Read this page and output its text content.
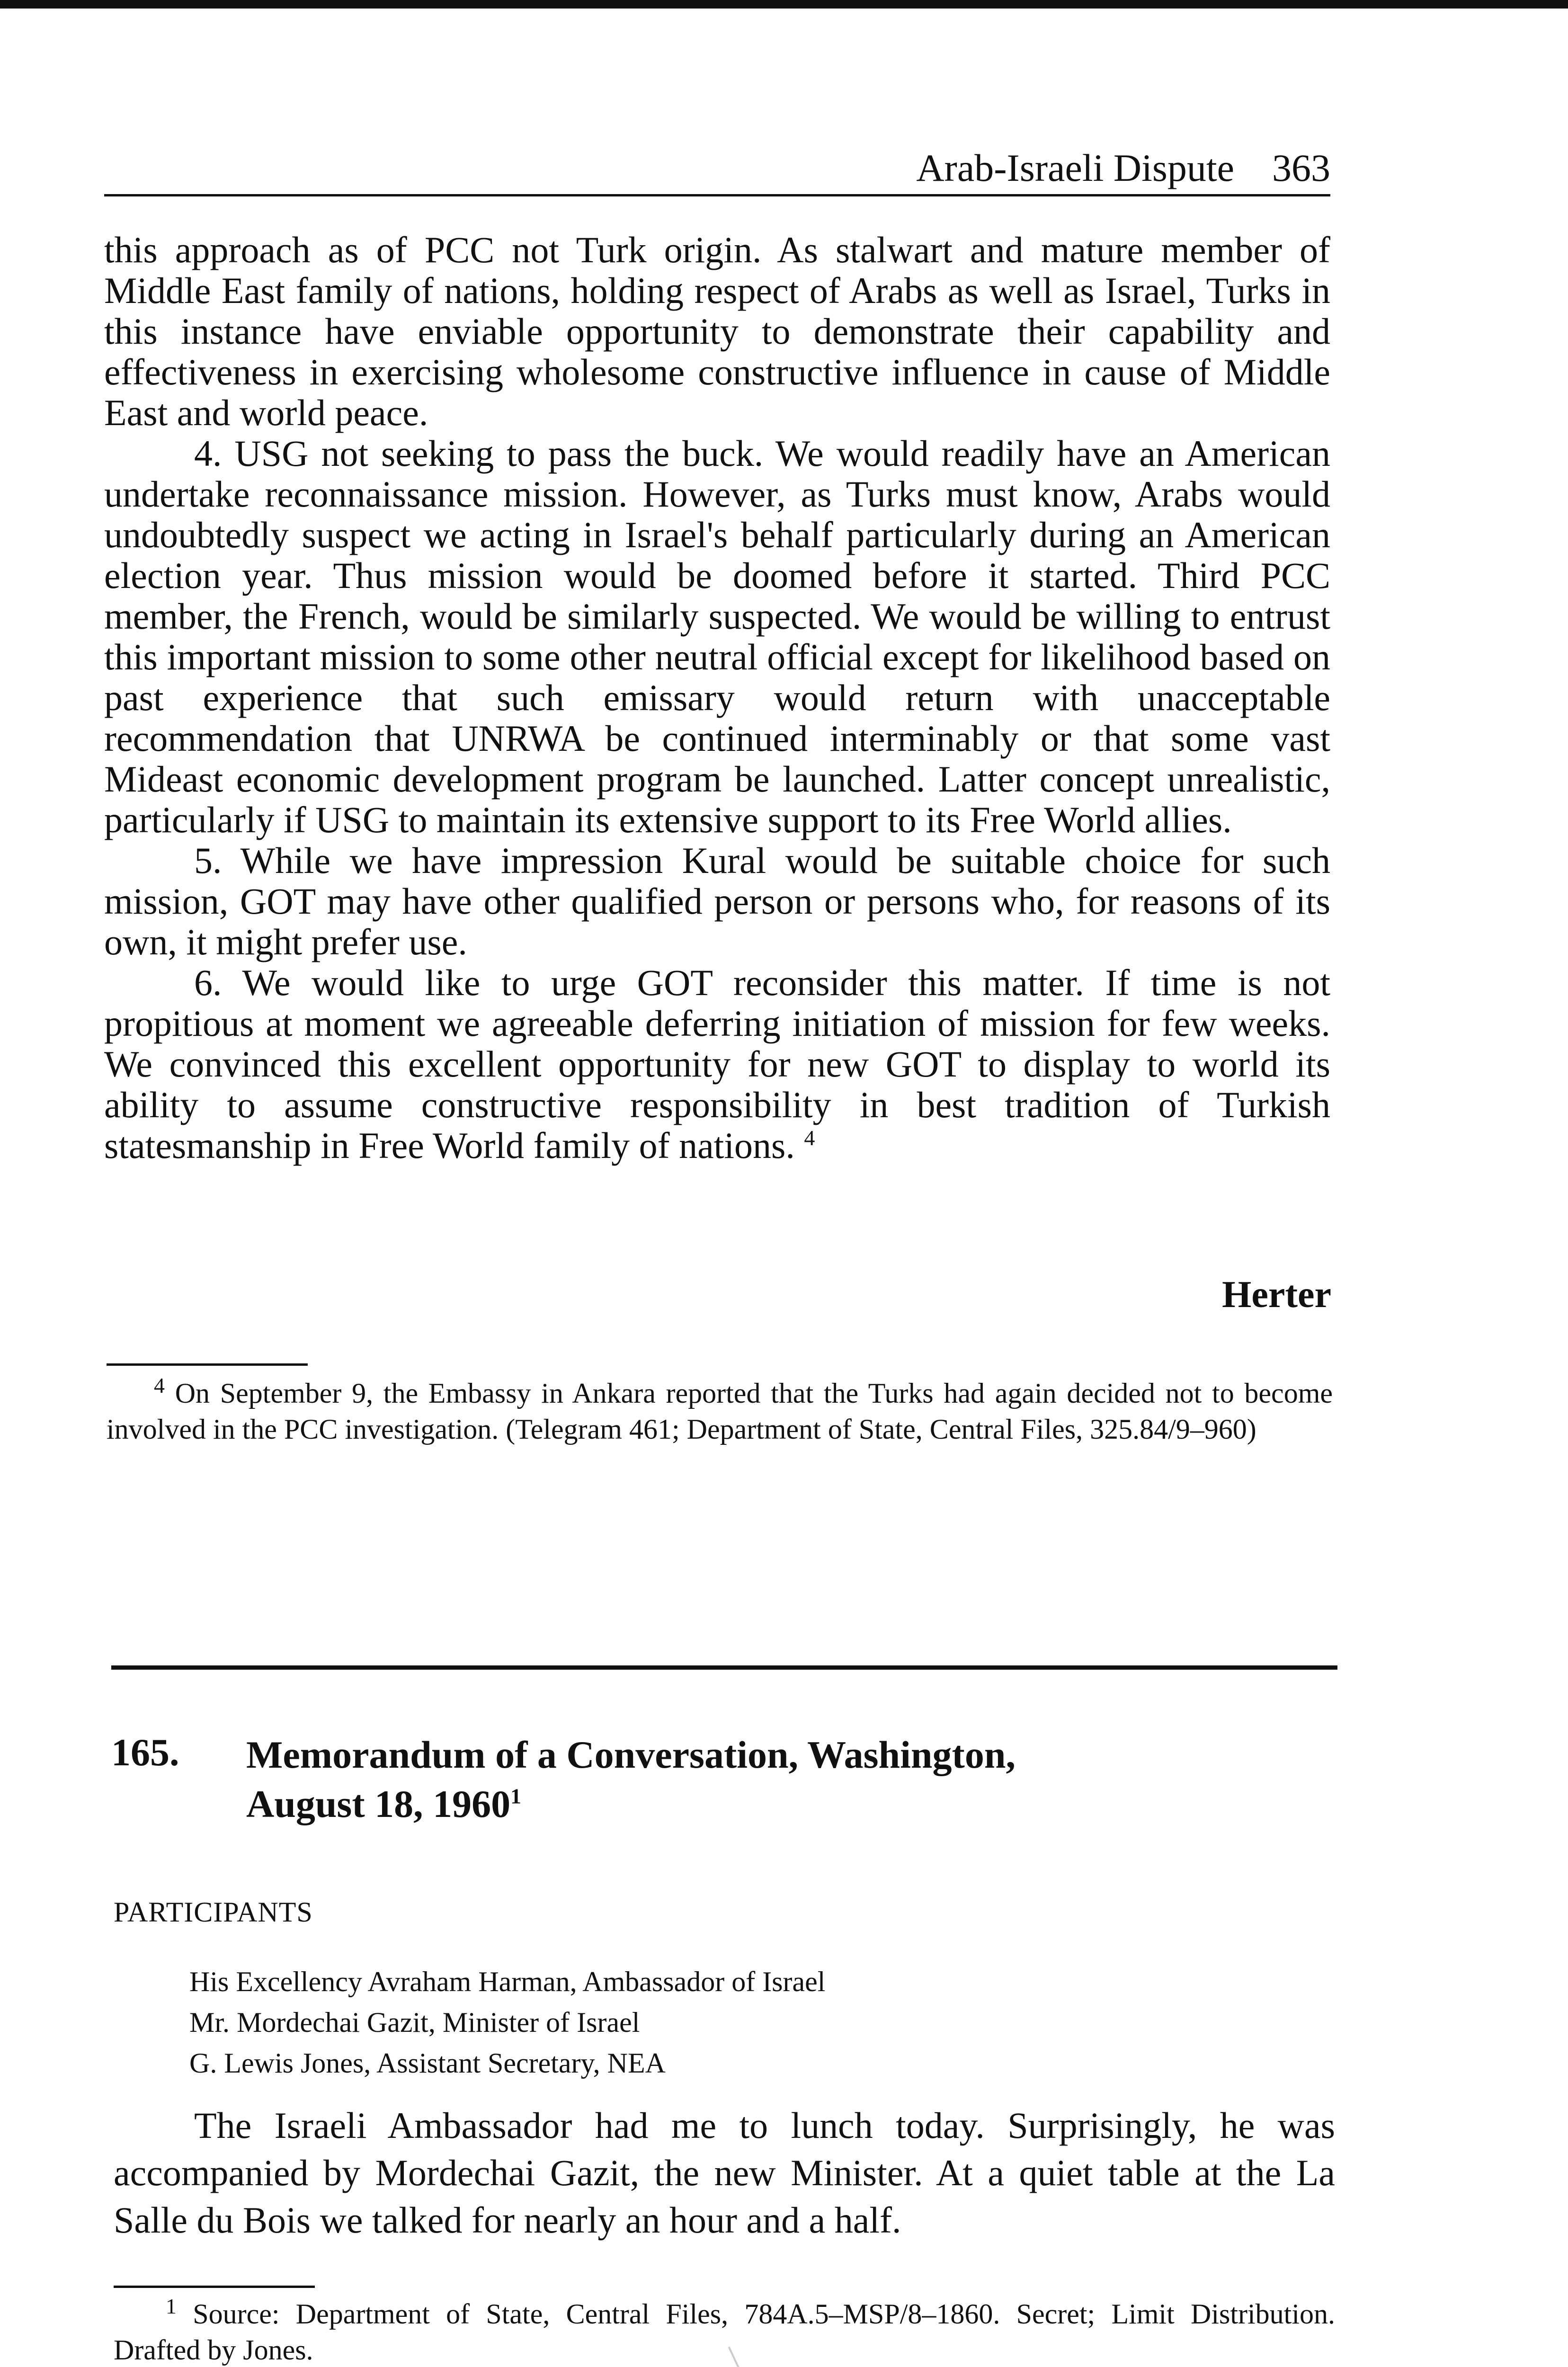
Arab-Israeli Dispute 363

this approach as of PCC not Turk origin. As stalwart and mature member of Middle East family of nations, holding respect of Arabs as well as Israel, Turks in this instance have enviable opportunity to demonstrate their capability and effectiveness in exercising wholesome constructive influence in cause of Middle East and world peace.

4. USG not seeking to pass the buck. We would readily have an American undertake reconnaissance mission. However, as Turks must know, Arabs would undoubtedly suspect we acting in Israel's behalf particularly during an American election year. Thus mission would be doomed before it started. Third PCC member, the French, would be similarly suspected. We would be willing to entrust this important mission to some other neutral official except for likelihood based on past experience that such emissary would return with unacceptable recommendation that UNRWA be continued interminably or that some vast Mideast economic development program be launched. Latter concept unrealistic, particularly if USG to maintain its extensive support to its Free World allies.

5. While we have impression Kural would be suitable choice for such mission, GOT may have other qualified person or persons who, for reasons of its own, it might prefer use.

6. We would like to urge GOT reconsider this matter. If time is not propitious at moment we agreeable deferring initiation of mission for few weeks. We convinced this excellent opportunity for new GOT to display to world its ability to assume constructive responsibility in best tradition of Turkish statesmanship in Free World family of nations. $^4$

Herter
$^4$ On September 9, the Embassy in Ankara reported that the Turks had again decided not to become involved in the PCC investigation. (Telegram 461; Department of State, Central Files, 325.84/9–960)
165. Memorandum of a Conversation, Washington,
August 18, 1960$^1$
PARTICIPANTS
His Excellency Avraham Harman, Ambassador of Israel
Mr. Mordechai Gazit, Minister of Israel
G. Lewis Jones, Assistant Secretary, NEA

The Israeli Ambassador had me to lunch today. Surprisingly, he was accompanied by Mordechai Gazit, the new Minister. At a quiet table at the La Salle du Bois we talked for nearly an hour and a half.

$^1$ Source: Department of State, Central Files, 784A.5–MSP/8–1860. Secret; Limit Distribution. Drafted by Jones.
